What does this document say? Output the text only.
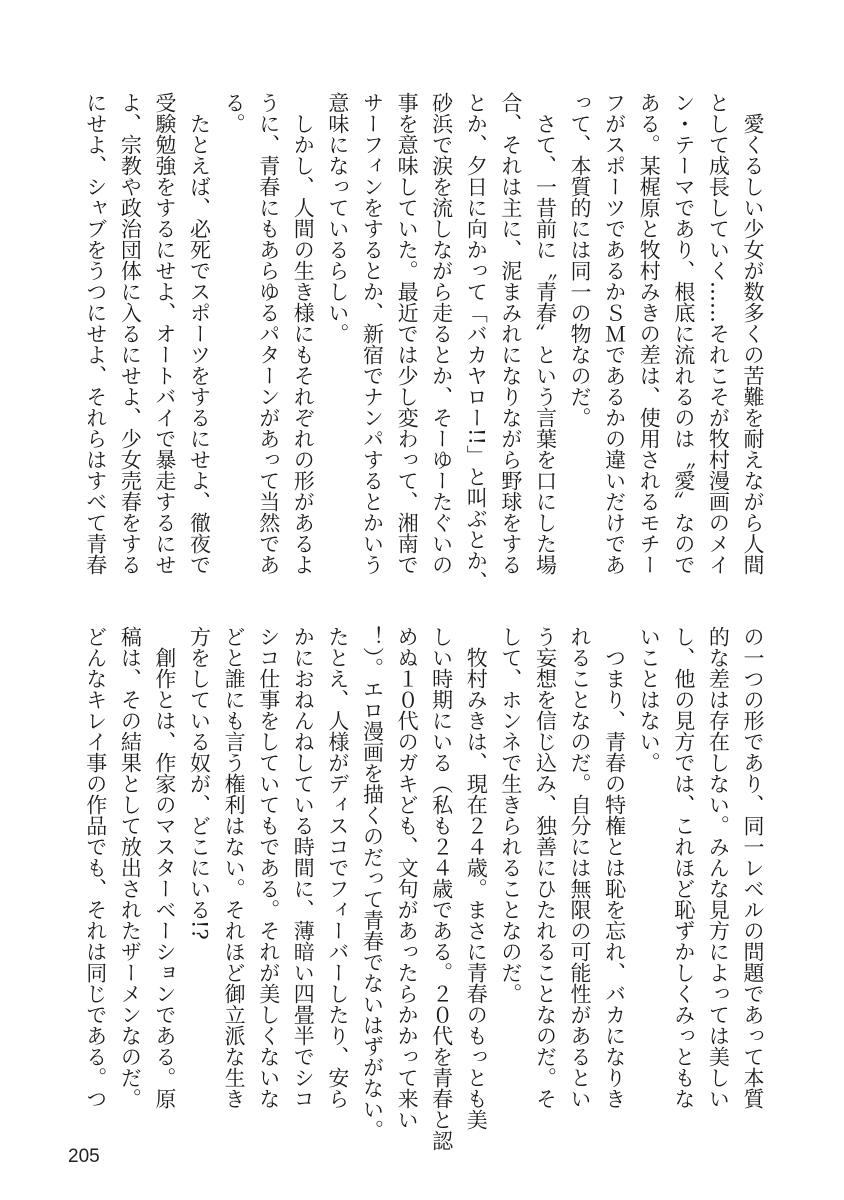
　愛くるしい少女が数多くの苦難を耐えながら人間
として成長していく……それこそが牧村漫画のメイ
ン・テーマであり、根底に流れるのは〝愛〟なので
ある。某梶原と牧村みきの差は、使用されるモチー
フがスポーツであるかＳＭであるかの違いだけであ
って、本質的には同一の物なのだ。
　さて、一昔前に〝青春〟という言葉を口にした場
合、それは主に、泥まみれになりながら野球をする
とか、夕日に向かって「バカヤロー!!」と叫ぶとか、
砂浜で涙を流しながら走るとか、そーゆーたぐいの
事を意味していた。最近では少し変わって、湘南で
サーフィンをするとか、新宿でナンパするとかいう
意味になっているらしい。
　しかし、人間の生き様にもそれぞれの形があるよ
うに、青春にもあらゆるパターンがあって当然であ
る。
　たとえば、必死でスポーツをするにせよ、徹夜で
受験勉強をするにせよ、オートバイで暴走するにせ
よ、宗教や政治団体に入るにせよ、少女売春をする
にせよ、シャブをうつにせよ、それらはすべて青春
の一つの形であり、同一レベルの問題であって本質
的な差は存在しない。みんな見方によっては美しい
し、他の見方では、これほど恥ずかしくみっともな
いことはない。
　つまり、青春の特権とは恥を忘れ、バカになりき
れることなのだ。自分には無限の可能性があるとい
う妄想を信じ込み、独善にひたれることなのだ。そ
して、ホンネで生きられることなのだ。
　牧村みきは、現在２４歳。まさに青春のもっとも美
しい時期にいる（私も２４歳である。２０代を青春と認
めぬ１０代のガキども、文句があったらかかって来い
！）。エロ漫画を描くのだって青春でないはずがない。
たとえ、人様がディスコでフィーバーしたり、安ら
かにおねんねしている時間に、薄暗い四畳半でシコ
シコ仕事をしていてもである。それが美しくないな
どと誰にも言う権利はない。それほど御立派な生き
方をしている奴が、どこにいる!?
　創作とは、作家のマスターベーションである。原
稿は、その結果として放出されたザーメンなのだ。
どんなキレイ事の作品でも、それは同じである。つ
205
